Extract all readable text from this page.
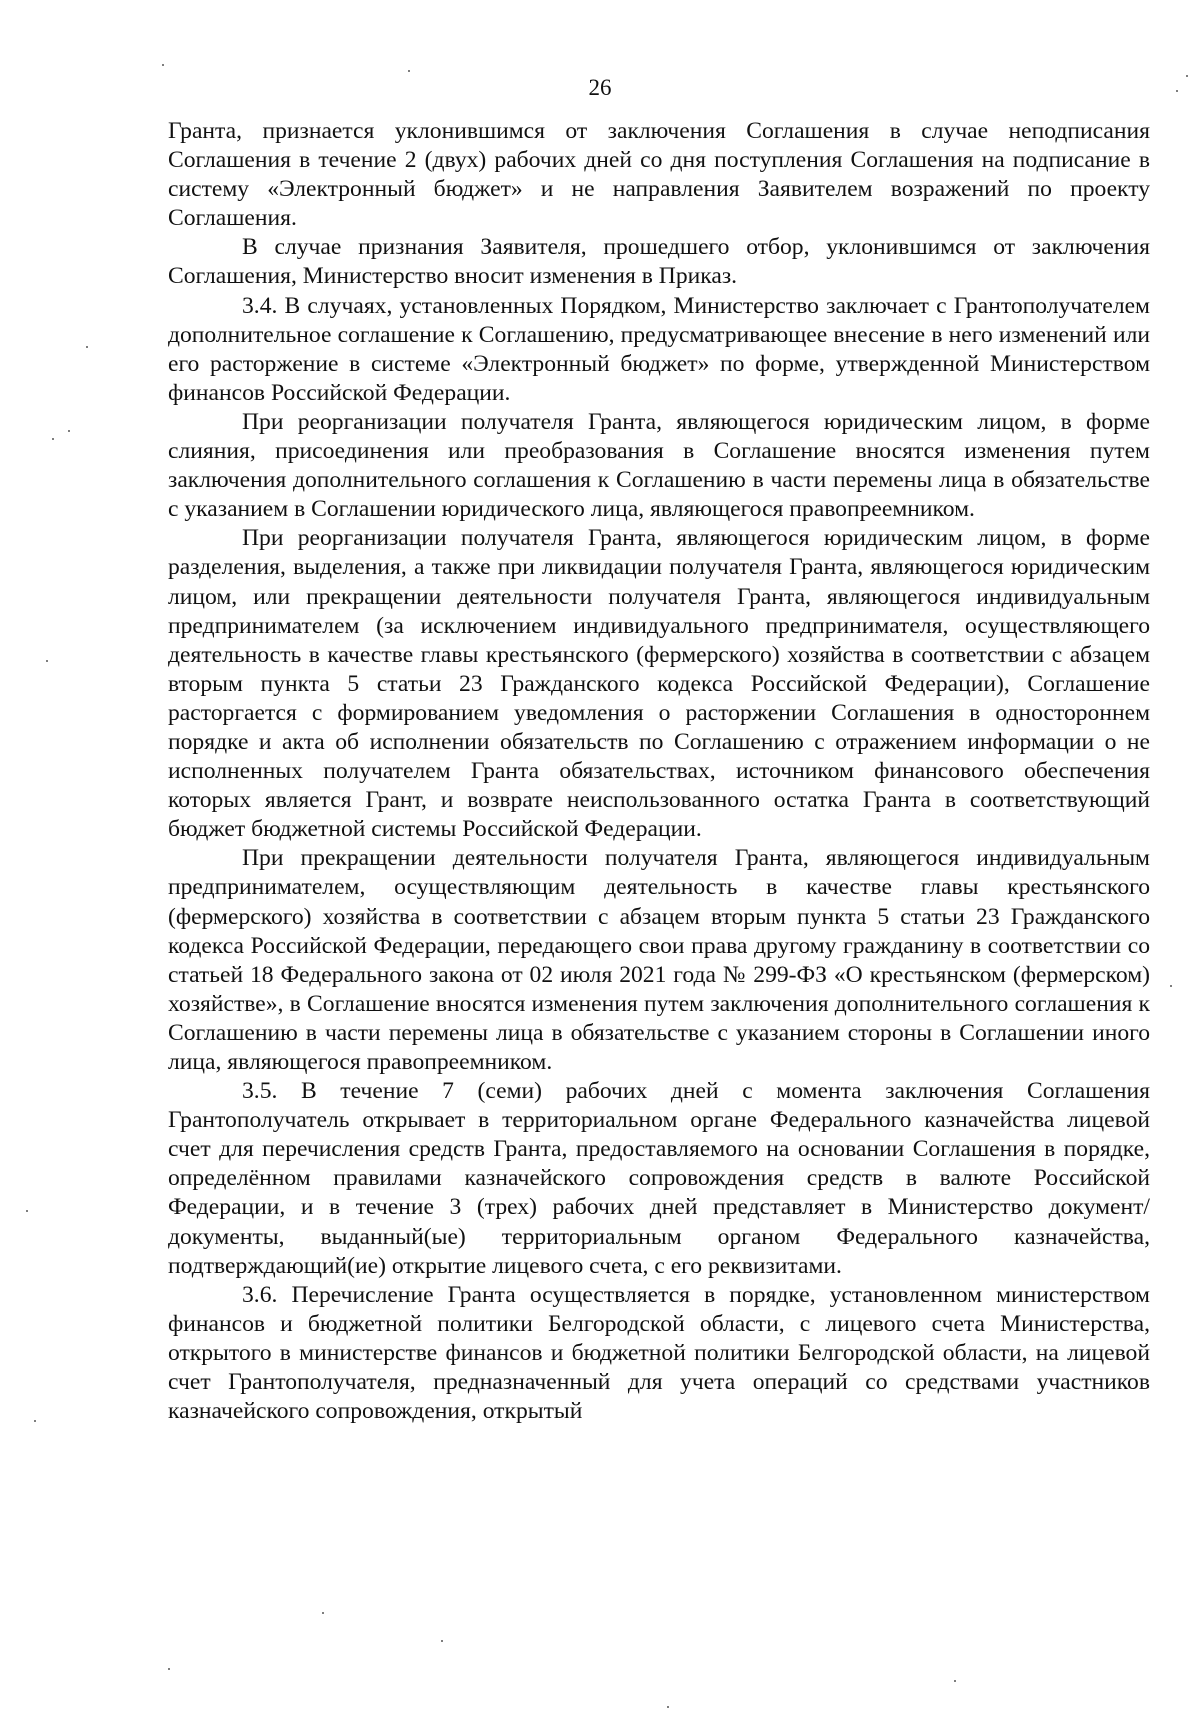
26

Гранта, признается уклонившимся от заключения Соглашения в случае неподписания Соглашения в течение 2 (двух) рабочих дней со дня поступления Соглашения на подписание в систему «Электронный бюджет» и не направления Заявителем возражений по проекту Соглашения.

В случае признания Заявителя, прошедшего отбор, уклонившимся от заключения Соглашения, Министерство вносит изменения в Приказ.

3.4. В случаях, установленных Порядком, Министерство заключает с Грантополучателем дополнительное соглашение к Соглашению, предусматривающее внесение в него изменений или его расторжение в системе «Электронный бюджет» по форме, утвержденной Министерством финансов Российской Федерации.

При реорганизации получателя Гранта, являющегося юридическим лицом, в форме слияния, присоединения или преобразования в Соглашение вносятся изменения путем заключения дополнительного соглашения к Соглашению в части перемены лица в обязательстве с указанием в Соглашении юридического лица, являющегося правопреемником.

При реорганизации получателя Гранта, являющегося юридическим лицом, в форме разделения, выделения, а также при ликвидации получателя Гранта, являющегося юридическим лицом, или прекращении деятельности получателя Гранта, являющегося индивидуальным предпринимателем (за исключением индивидуального предпринимателя, осуществляющего деятельность в качестве главы крестьянского (фермерского) хозяйства в соответствии с абзацем вторым пункта 5 статьи 23 Гражданского кодекса Российской Федерации), Соглашение расторгается с формированием уведомления о расторжении Соглашения в одностороннем порядке и акта об исполнении обязательств по Соглашению с отражением информации о не исполненных получателем Гранта обязательствах, источником финансового обеспечения которых является Грант, и возврате неиспользованного остатка Гранта в соответствующий бюджет бюджетной системы Российской Федерации.

При прекращении деятельности получателя Гранта, являющегося индивидуальным предпринимателем, осуществляющим деятельность в качестве главы крестьянского (фермерского) хозяйства в соответствии с абзацем вторым пункта 5 статьи 23 Гражданского кодекса Российской Федерации, передающего свои права другому гражданину в соответствии со статьей 18 Федерального закона от 02 июля 2021 года № 299-ФЗ «О крестьянском (фермерском) хозяйстве», в Соглашение вносятся изменения путем заключения дополнительного соглашения к Соглашению в части перемены лица в обязательстве с указанием стороны в Соглашении иного лица, являющегося правопреемником.

3.5. В течение 7 (семи) рабочих дней с момента заключения Соглашения Грантополучатель открывает в территориальном органе Федерального казначейства лицевой счет для перечисления средств Гранта, предоставляемого на основании Соглашения в порядке, определённом правилами казначейского сопровождения средств в валюте Российской Федерации, и в течение 3 (трех) рабочих дней представляет в Министерство документ/документы, выданный(ые) территориальным органом Федерального казначейства, подтверждающий(ие) открытие лицевого счета, с его реквизитами.

3.6. Перечисление Гранта осуществляется в порядке, установленном министерством финансов и бюджетной политики Белгородской области, с лицевого счета Министерства, открытого в министерстве финансов и бюджетной политики Белгородской области, на лицевой счет Грантополучателя, предназначенный для учета операций со средствами участников казначейского сопровождения, открытый
